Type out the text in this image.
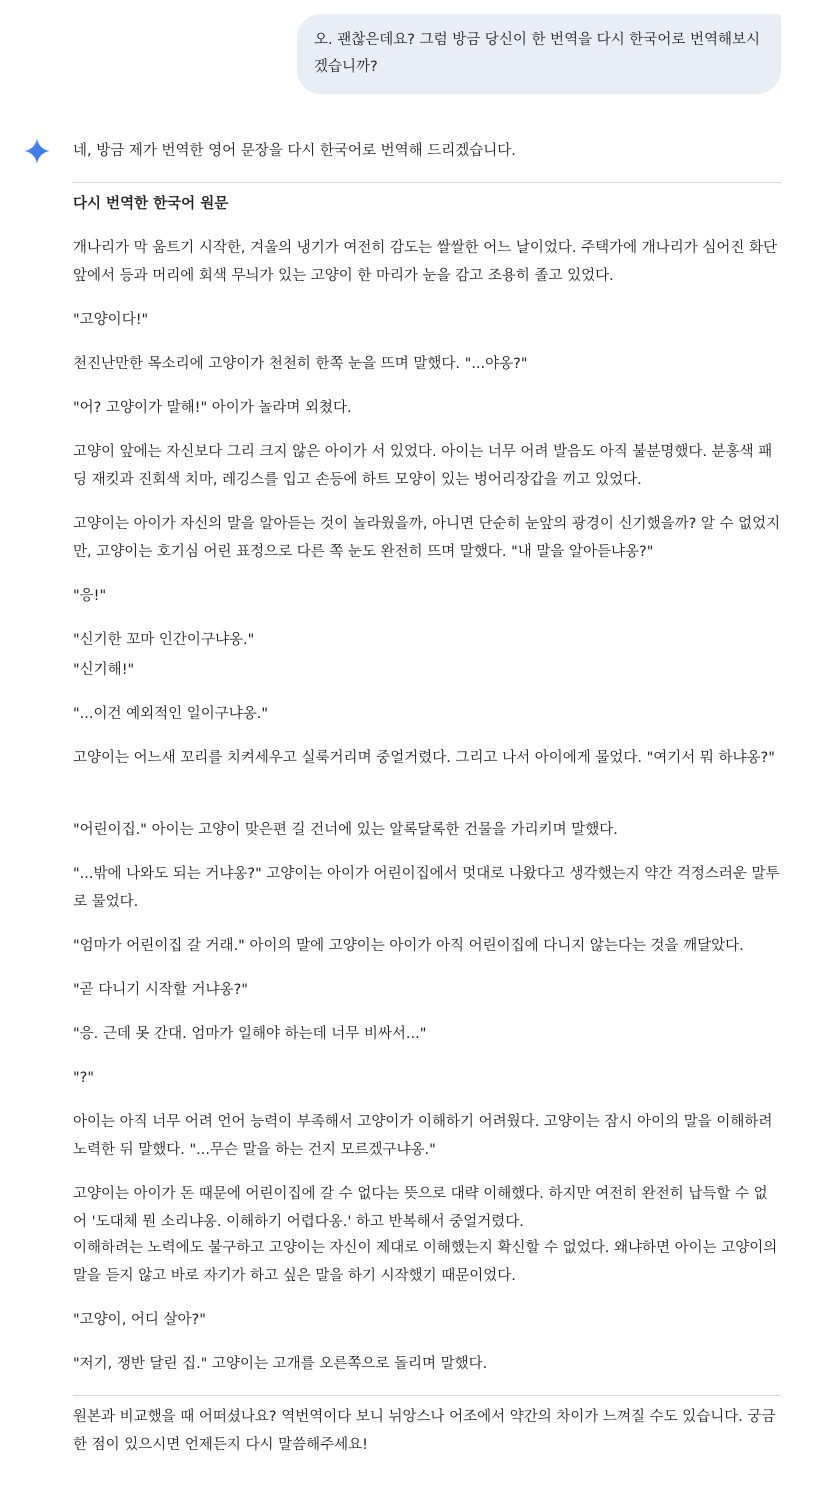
오. 괜찮은데요? 그럼 방금 당신이 한 번역을 다시 한국어로 번역해보시겠습니까?
네, 방금 제가 번역한 영어 문장을 다시 한국어로 번역해 드리겠습니다.
다시 번역한 한국어 원문
개나리가 막 움트기 시작한, 겨울의 냉기가 여전히 감도는 쌀쌀한 어느 날이었다. 주택가에 개나리가 심어진 화단 앞에서 등과 머리에 회색 무늬가 있는 고양이 한 마리가 눈을 감고 조용히 졸고 있었다.
"고양이다!"
천진난만한 목소리에 고양이가 천천히 한쪽 눈을 뜨며 말했다. "...야옹?"
"어? 고양이가 말해!" 아이가 놀라며 외쳤다.
고양이 앞에는 자신보다 그리 크지 않은 아이가 서 있었다. 아이는 너무 어려 발음도 아직 불분명했다. 분홍색 패딩 재킷과 진회색 치마, 레깅스를 입고 손등에 하트 모양이 있는 벙어리장갑을 끼고 있었다.
고양이는 아이가 자신의 말을 알아듣는 것이 놀라웠을까, 아니면 단순히 눈앞의 광경이 신기했을까? 알 수 없었지만, 고양이는 호기심 어린 표정으로 다른 쪽 눈도 완전히 뜨며 말했다. "내 말을 알아듣냐옹?"
"응!"
"신기한 꼬마 인간이구냐옹."
"신기해!"
"...이건 예외적인 일이구냐옹."
고양이는 어느새 꼬리를 치켜세우고 실룩거리며 중얼거렸다. 그리고 나서 아이에게 물었다. "여기서 뭐 하냐옹?"
"어린이집." 아이는 고양이 맞은편 길 건너에 있는 알록달록한 건물을 가리키며 말했다.
"...밖에 나와도 되는 거냐옹?" 고양이는 아이가 어린이집에서 멋대로 나왔다고 생각했는지 약간 걱정스러운 말투로 물었다.
"엄마가 어린이집 갈 거래." 아이의 말에 고양이는 아이가 아직 어린이집에 다니지 않는다는 것을 깨달았다.
"곧 다니기 시작할 거냐옹?"
"응. 근데 못 간대. 엄마가 일해야 하는데 너무 비싸서..."
"?"
아이는 아직 너무 어려 언어 능력이 부족해서 고양이가 이해하기 어려웠다. 고양이는 잠시 아이의 말을 이해하려 노력한 뒤 말했다. "...무슨 말을 하는 건지 모르겠구냐옹."
고양이는 아이가 돈 때문에 어린이집에 갈 수 없다는 뜻으로 대략 이해했다. 하지만 여전히 완전히 납득할 수 없어 '도대체 뭔 소리냐옹. 이해하기 어렵다옹.' 하고 반복해서 중얼거렸다.
이해하려는 노력에도 불구하고 고양이는 자신이 제대로 이해했는지 확신할 수 없었다. 왜냐하면 아이는 고양이의 말을 듣지 않고 바로 자기가 하고 싶은 말을 하기 시작했기 때문이었다.
"고양이, 어디 살아?"
"저기, 쟁반 달린 집." 고양이는 고개를 오른쪽으로 돌리며 말했다.
원본과 비교했을 때 어떠셨나요? 역번역이다 보니 뉘앙스나 어조에서 약간의 차이가 느껴질 수도 있습니다. 궁금한 점이 있으시면 언제든지 다시 말씀해주세요!
